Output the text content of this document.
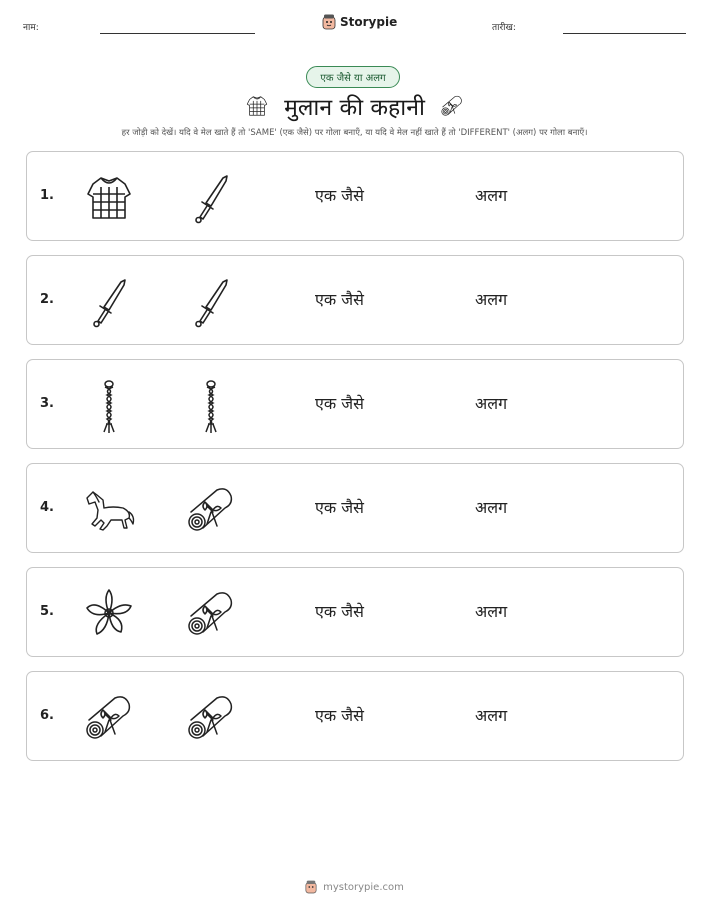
नाम:	Storypie	तारीख:
एक जैसे या अलग
मुलान की कहानी
हर जोड़ी को देखें। यदि वे मेल खाते हैं तो 'SAME' (एक जैसे) पर गोला बनाएँ, या यदि वे मेल नहीं खाते हैं तो 'DIFFERENT' (अलग) पर गोला बनाएँ।
1.	एक जैसे	अलग
2.	एक जैसे	अलग
3.	एक जैसे	अलग
4.	एक जैसे	अलग
5.	एक जैसे	अलग
6.	एक जैसे	अलग
mystorypie.com
